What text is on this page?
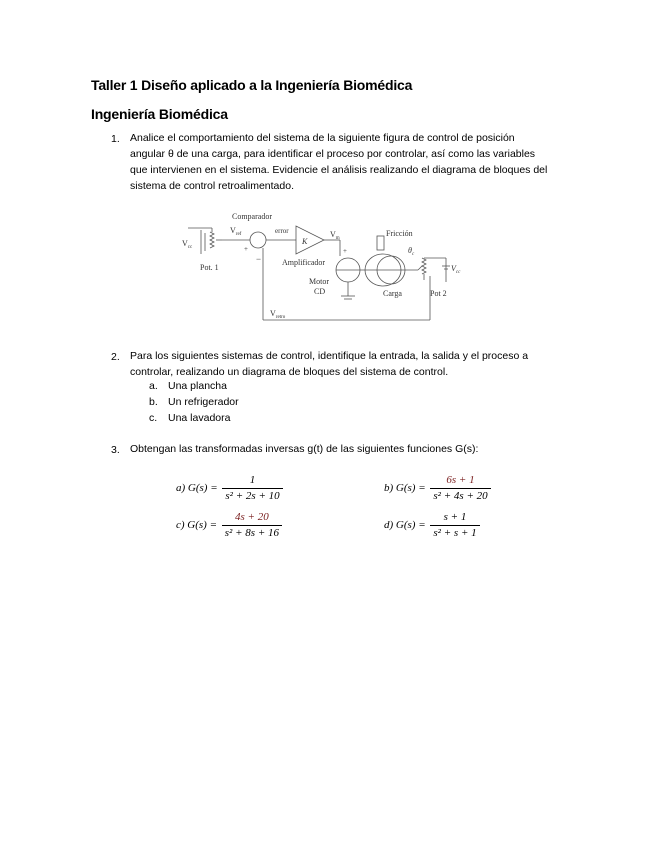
Taller 1 Diseño aplicado a la Ingeniería Biomédica
Ingeniería Biomédica
1. Analice el comportamiento del sistema de la siguiente figura de control de posición
angular θ de una carga, para identificar el proceso por controlar, así como las variables
que intervienen en el sistema. Evidencie el análisis realizando el diagrama de bloques del
sistema de control retroalimentado.
Comparador
$V_{cc}$
Pot. 1
$V_{ref}$
+
−
error
K
Amplificador
$V_m$
Motor
CD
+
Fricción
$\theta_c$
Carga
$V_{cc}$
Pot 2
$V_{retro}$
2. Para los siguientes sistemas de control, identifique la entrada, la salida y el proceso a
controlar, realizando un diagrama de bloques del sistema de control.
a. Una plancha
b. Un refrigerador
c. Una lavadora
3. Obtengan las transformadas inversas g(t) de las siguientes funciones G(s):
a) $G(s) = \frac{1}{\text{s² + 2s + 10}}$	b) $G(s) = \frac{6s + 1}{\text{s² + 4s + 20}}$
c) $G(s) = \frac{4s + 20}{\text{s² + 8s + 16}}$	d) $G(s) = \frac{s + 1}{\text{s² + s + 1}}$
